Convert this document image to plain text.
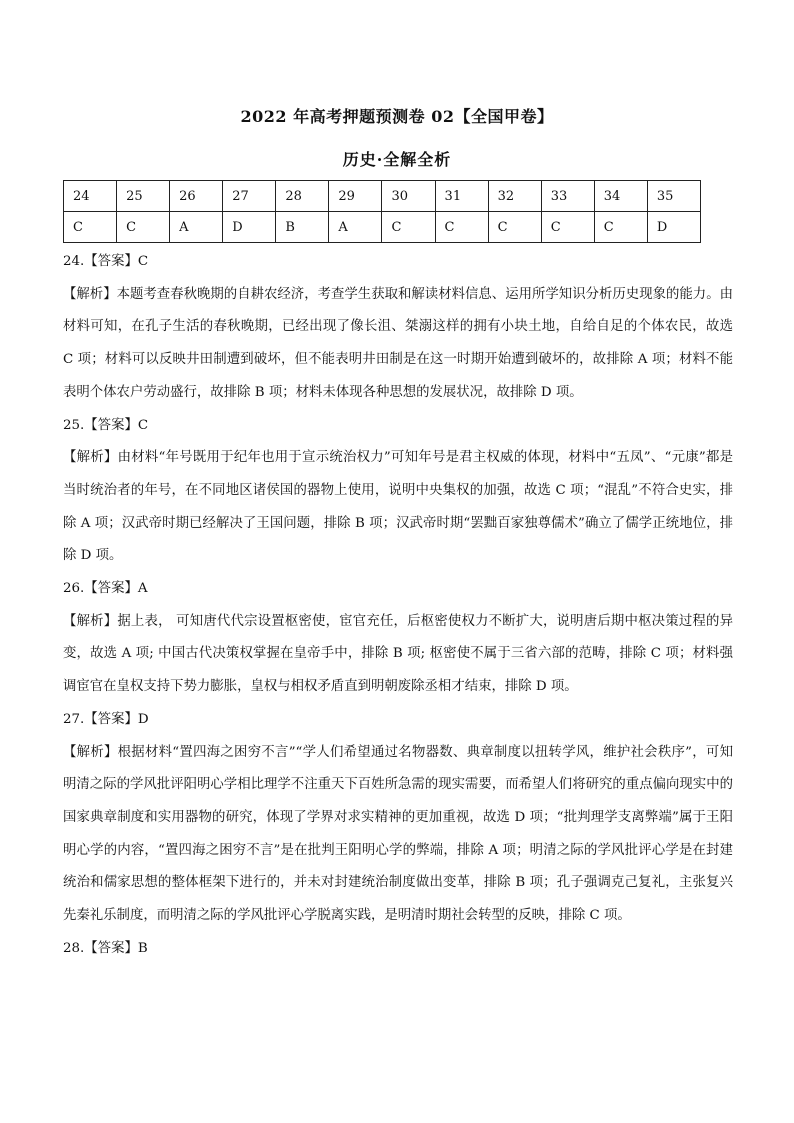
2022 年高考押题预测卷 02【全国甲卷】
历史·全解全析
24	25	26	27	28	29	30	31	32	33	34	35
C	C	A	D	B	A	C	C	C	C	C	D
24.【答案】C
【解析】本题考查春秋晚期的自耕农经济，考查学生获取和解读材料信息、运用所学知识分析历史现象的能力。由材料可知，在孔子生活的春秋晚期，已经出现了像长沮、桀溺这样的拥有小块土地，自给自足的个体农民，故选 C 项；材料可以反映井田制遭到破坏，但不能表明井田制是在这一时期开始遭到破坏的，故排除 A 项；材料不能表明个体农户劳动盛行，故排除 B 项；材料未体现各种思想的发展状况，故排除 D 项。
25.【答案】C
【解析】由材料“年号既用于纪年也用于宣示统治权力”可知年号是君主权威的体现，材料中“五凤”、“元康”都是当时统治者的年号，在不同地区诸侯国的器物上使用，说明中央集权的加强，故选 C 项；“混乱”不符合史实，排除 A 项；汉武帝时期已经解决了王国问题，排除 B 项；汉武帝时期“罢黜百家独尊儒术”确立了儒学正统地位，排除 D 项。
26.【答案】A
【解析】据上表， 可知唐代代宗设置枢密使，宦官充任，后枢密使权力不断扩大，说明唐后期中枢决策过程的异变，故选 A 项; 中国古代决策权掌握在皇帝手中，排除 B 项; 枢密使不属于三省六部的范畴，排除 C 项；材料强调宦官在皇权支持下势力膨胀，皇权与相权矛盾直到明朝废除丞相才结束，排除 D 项。
27.【答案】D
【解析】根据材料“置四海之困穷不言”“学人们希望通过名物器数、典章制度以扭转学风，维护社会秩序”，可知明清之际的学风批评阳明心学相比理学不注重天下百姓所急需的现实需要，而希望人们将研究的重点偏向现实中的国家典章制度和实用器物的研究，体现了学界对求实精神的更加重视，故选 D 项；“批判理学支离弊端”属于王阳明心学的内容，“置四海之困穷不言”是在批判王阳明心学的弊端，排除 A 项；明清之际的学风批评心学是在封建统治和儒家思想的整体框架下进行的，并未对封建统治制度做出变革，排除 B 项；孔子强调克己复礼，主张复兴先秦礼乐制度，而明清之际的学风批评心学脱离实践，是明清时期社会转型的反映，排除 C 项。
28.【答案】B
